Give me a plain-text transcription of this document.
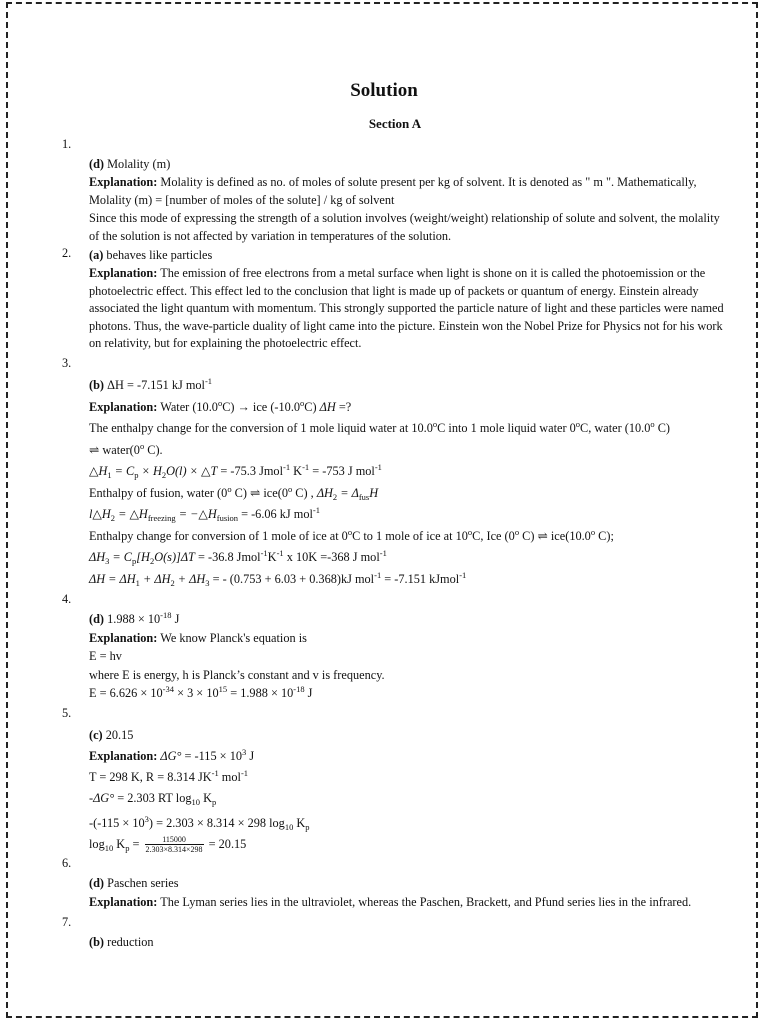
Solution
Section A
1.

(d) Molality (m)

Explanation: Molality is defined as no. of moles of solute present per kg of solvent. It is denoted as " m ". Mathematically, Molality (m) = [number of moles of the solute] / kg of solvent

Since this mode of expressing the strength of a solution involves (weight/weight) relationship of solute and solvent, the molality of the solution is not affected by variation in temperatures of the solution.

2. (a) behaves like particles

Explanation: The emission of free electrons from a metal surface when light is shone on it is called the photoemission or the photoelectric effect. This effect led to the conclusion that light is made up of packets or quantum of energy. Einstein already associated the light quantum with momentum. This strongly supported the particle nature of light and these particles were named photons. Thus, the wave-particle duality of light came into the picture. Einstein won the Nobel Prize for Physics not for his work on relativity, but for explaining the photoelectric effect.

3.

(b) ΔH = -7.151 kJ mol$^{-1}$

Explanation: Water $(10.0^oC)$ → ice (-10.0$^o$C) ΔH =?

The enthalpy change for the conversion of 1 mole liquid water at 10.0$^o$C into 1 mole liquid water 0$^o$C, water (10.0$^o$ C)

⇌ water(0$^o$ C).

$\triangle H_1 = C_p \times H_2O(l)$ × △T = -75.3 Jmol$^{-1}$ $K^{-1} = -753$ J mol$^{-1}$

Enthalpy of fusion, water (0$^o$ C) ⇌ ice(0$^o$ C) , $\Delta H_2 = \Delta_{fus}H$

$l\triangle H_2$ = $\triangle H_{freezing}$ = $-\triangle H_{fusion} = -6.06$ kJ mol$^{-1}$

Enthalpy change for conversion of 1 mole of ice at 0$^o$C to 1 mole of ice at 10$^o$C, Ice (0$^o$ C) ⇌ ice(10.0$^o$ C);

$\Delta H_3 = C_p[H_2O(s)]\Delta T = -36.8$ $Jmol^{-1}K^{-1}$ x 10K =-368 J mol$^{-1}$

$\Delta H = \Delta H_1 + \Delta H_2 + \Delta H_3$ = - (0.753 + 6.03 + 0.368)kJ mol$^{-1}$ = -7.151 kJmol$^{-1}$

4.

(d) $1.988 \times 10^{-18}$ J

Explanation: We know Planck's equation is

E = hv

where E is energy, h is Planck’s constant and v is frequency.

$E = 6.626 \times 10^{-34} \times 3 \times 10^{15} = 1.988 \times 10^{-18}$ J

5.

(c) 20.15

Explanation: $\Delta G^\circ = -115 \times 10^3$ J

T = 298 K, R = 8.314 $JK^{-1}$ mol$^{-1}$

-ΔG° = 2.303 RT $\log_{10} K_p$

$-(-115 \times 10^3) = 2.303 \times 8.314 \times 298$ $\log_{10} K_p$

$\log_{10} K_p = \frac{115000}{2.303\times 8.314\times 298} = 20.15$

6.

(d) Paschen series

Explanation: The Lyman series lies in the ultraviolet, whereas the Paschen, Brackett, and Pfund series lies in the infrared.

7.

(b) reduction
